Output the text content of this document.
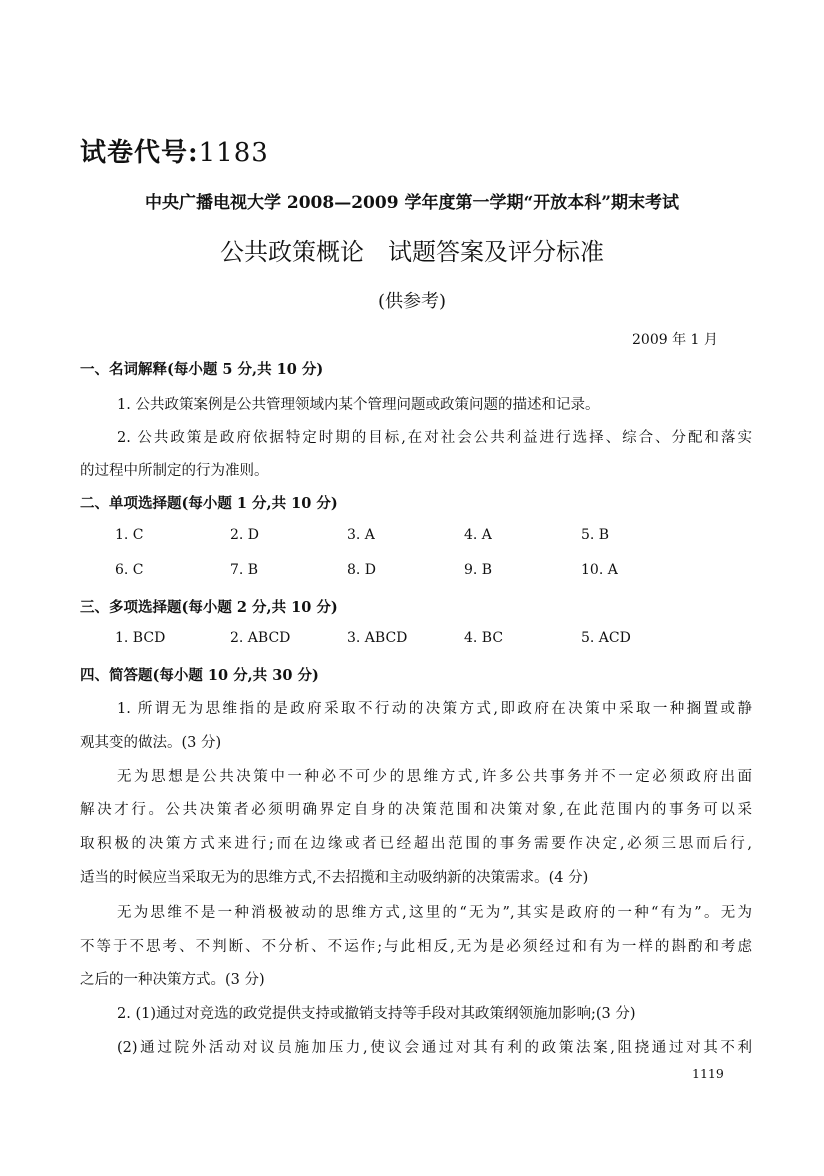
试卷代号:1183
中央广播电视大学 2008—2009 学年度第一学期“开放本科”期末考试
公共政策概论　试题答案及评分标准
(供参考)
2009 年 1 月
一、名词解释(每小题 5 分,共 10 分)
1. 公共政策案例是公共管理领域内某个管理问题或政策问题的描述和记录。
2. 公共政策是政府依据特定时期的目标,在对社会公共利益进行选择、综合、分配和落实
的过程中所制定的行为准则。
二、单项选择题(每小题 1 分,共 10 分)
1. C	2. D	3. A	4. A	5. B
6. C	7. B	8. D	9. B	10. A
三、多项选择题(每小题 2 分,共 10 分)
1. BCD	2. ABCD	3. ABCD	4. BC	5. ACD
四、简答题(每小题 10 分,共 30 分)
1. 所谓无为思维指的是政府采取不行动的决策方式,即政府在决策中采取一种搁置或静
观其变的做法。(3 分)
无为思想是公共决策中一种必不可少的思维方式,许多公共事务并不一定必须政府出面
解决才行。公共决策者必须明确界定自身的决策范围和决策对象,在此范围内的事务可以采
取积极的决策方式来进行;而在边缘或者已经超出范围的事务需要作决定,必须三思而后行,
适当的时候应当采取无为的思维方式,不去招揽和主动吸纳新的决策需求。(4 分)
无为思维不是一种消极被动的思维方式,这里的“无为”,其实是政府的一种“有为”。无为
不等于不思考、不判断、不分析、不运作;与此相反,无为是必须经过和有为一样的斟酌和考虑
之后的一种决策方式。(3 分)
2. (1)通过对竞选的政党提供支持或撤销支持等手段对其政策纲领施加影响;(3 分)
(2)通过院外活动对议员施加压力,使议会通过对其有利的政策法案,阻挠通过对其不利
1119
